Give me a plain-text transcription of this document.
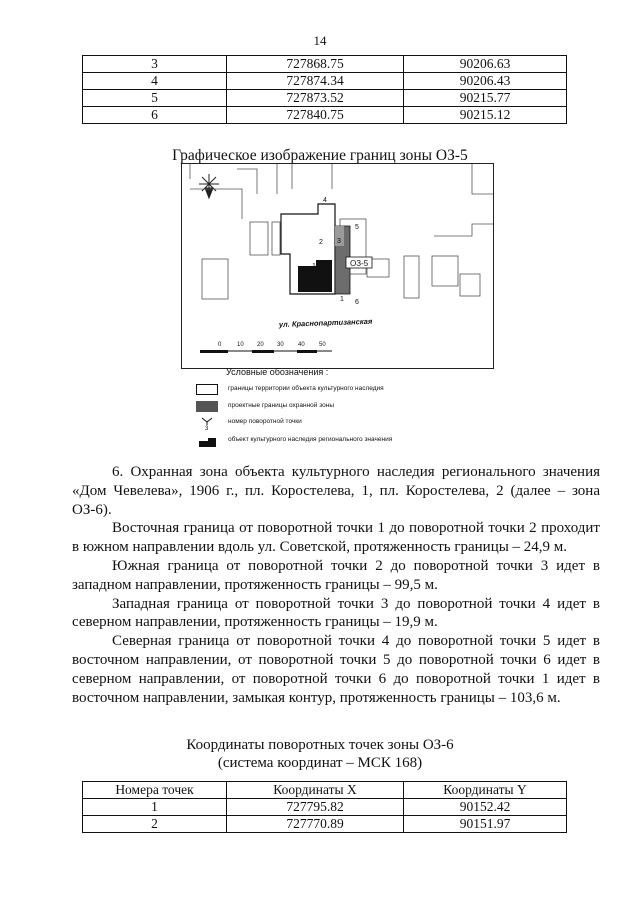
14
3	727868.75	90206.63
4	727874.34	90206.43
5	727873.52	90215.77
6	727840.75	90215.12
Графическое изображение границ зоны ОЗ-5
4
5
3
2
1.5
1 6
ОЗ-5
ул. Краснопартизанская
0	10 20 30 40 50
Условные обозначения :
границы территории объекта культурного наследия
проектные границы охранной зоны
3
номер поворотной точки
объект культурного наследия регионального значения

6. Охранная зона объекта культурного наследия регионального значения «Дом Чевелева», 1906 г., пл. Коростелева, 1, пл. Коростелева, 2 (далее – зона ОЗ-6).

Восточная граница от поворотной точки 1 до поворотной точки 2 проходит в южном направлении вдоль ул. Советской, протяженность границы – 24,9 м.

Южная граница от поворотной точки 2 до поворотной точки 3 идет в западном направлении, протяженность границы – 99,5 м.

Западная граница от поворотной точки 3 до поворотной точки 4 идет в северном направлении, протяженность границы – 19,9 м.

Северная граница от поворотной точки 4 до поворотной точки 5 идет в восточном направлении, от поворотной точки 5 до поворотной точки 6 идет в северном направлении, от поворотной точки 6 до поворотной точки 1 идет в восточном направлении, замыкая контур, протяженность границы – 103,6 м.

Координаты поворотных точек зоны ОЗ-6
(система координат – МСК 168)
Номера точек	Координаты X	Координаты Y
1	727795.82	90152.42
2	727770.89	90151.97
